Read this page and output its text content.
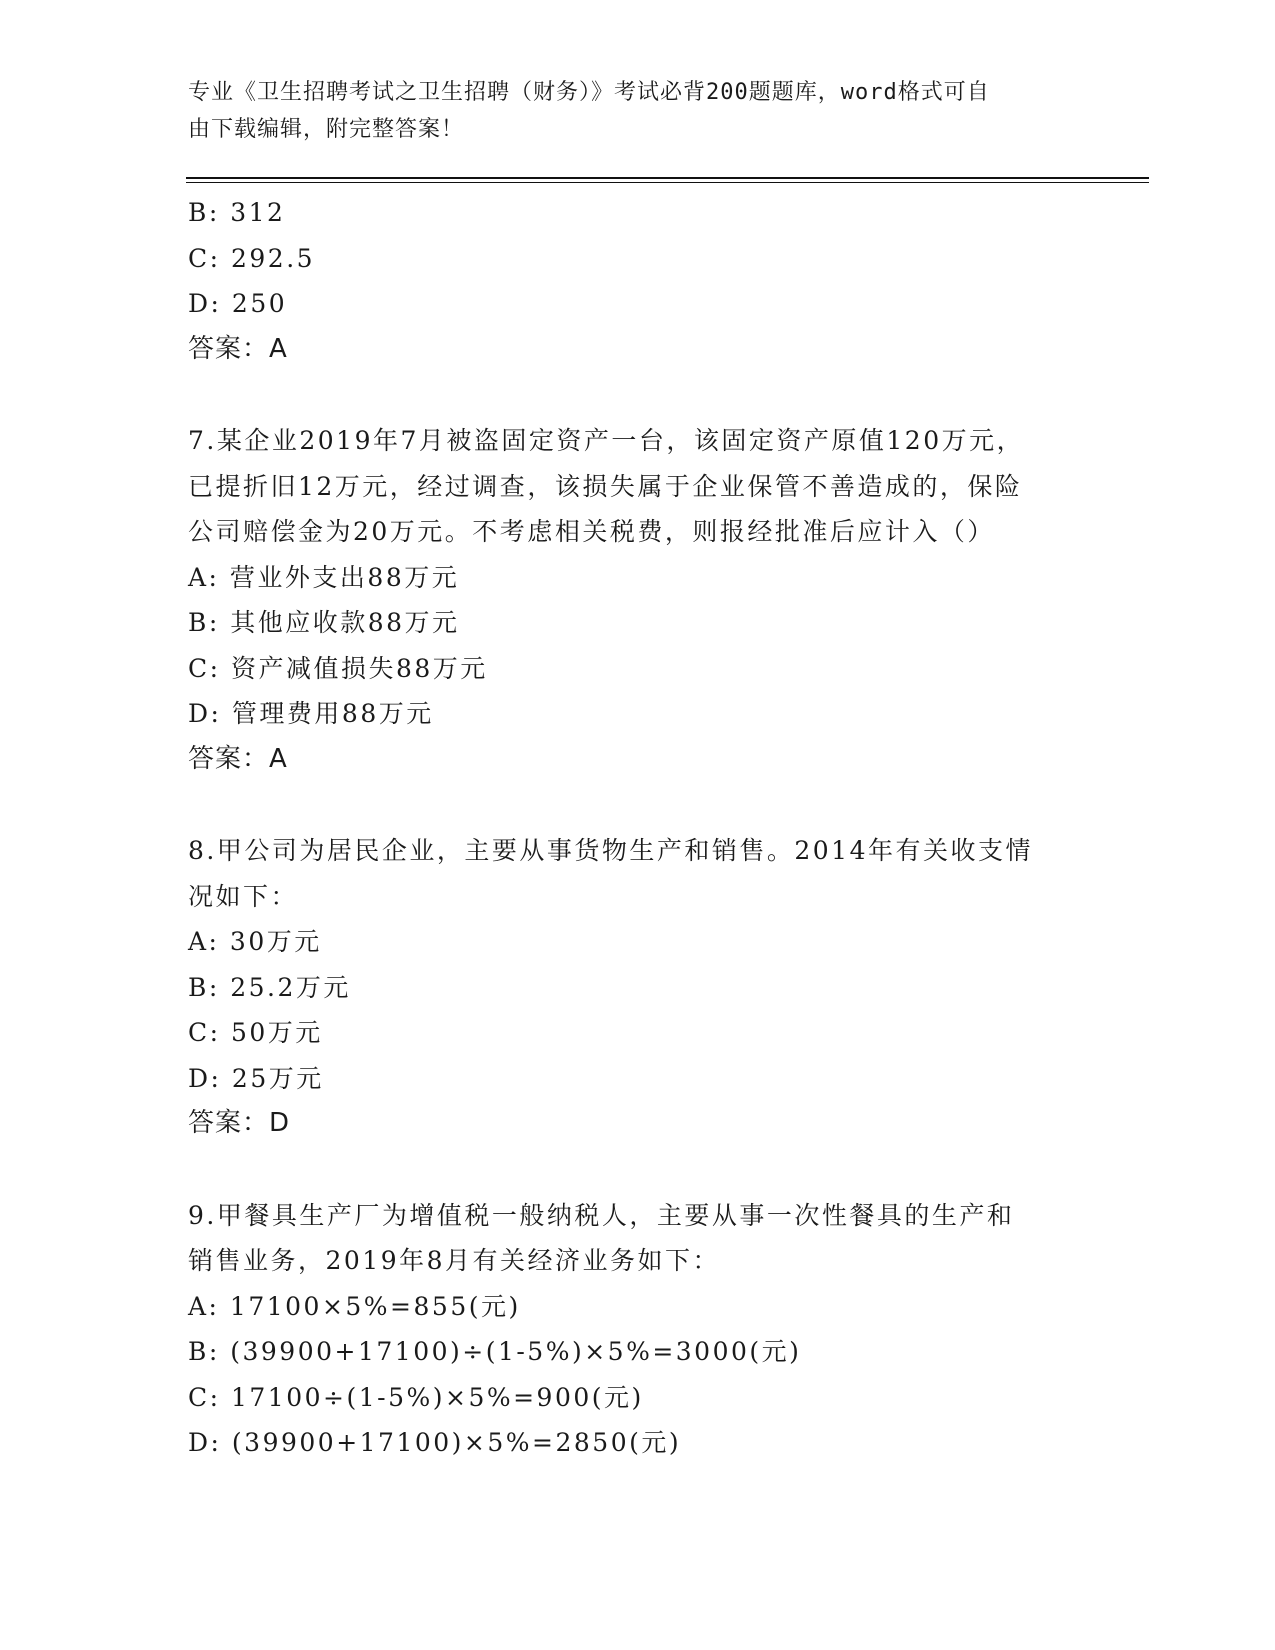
专业《卫生招聘考试之卫生招聘（财务）》考试必背200题题库，word格式可自
由下载编辑，附完整答案！
B: 312
C: 292.5
D: 250
答案：A
7.某企业2019年7月被盗固定资产一台，该固定资产原值120万元，
已提折旧12万元，经过调查，该损失属于企业保管不善造成的，保险
公司赔偿金为20万元。不考虑相关税费，则报经批准后应计入（）
A: 营业外支出88万元
B: 其他应收款88万元
C: 资产减值损失88万元
D: 管理费用88万元
答案：A
8.甲公司为居民企业，主要从事货物生产和销售。2014年有关收支情
况如下：
A: 30万元
B: 25.2万元
C: 50万元
D: 25万元
答案：D
9.甲餐具生产厂为增值税一般纳税人，主要从事一次性餐具的生产和
销售业务，2019年8月有关经济业务如下：
A: 17100×5%=855(元)
B: (39900+17100)÷(1-5%)×5%=3000(元)
C: 17100÷(1-5%)×5%=900(元)
D: (39900+17100)×5%=2850(元)
